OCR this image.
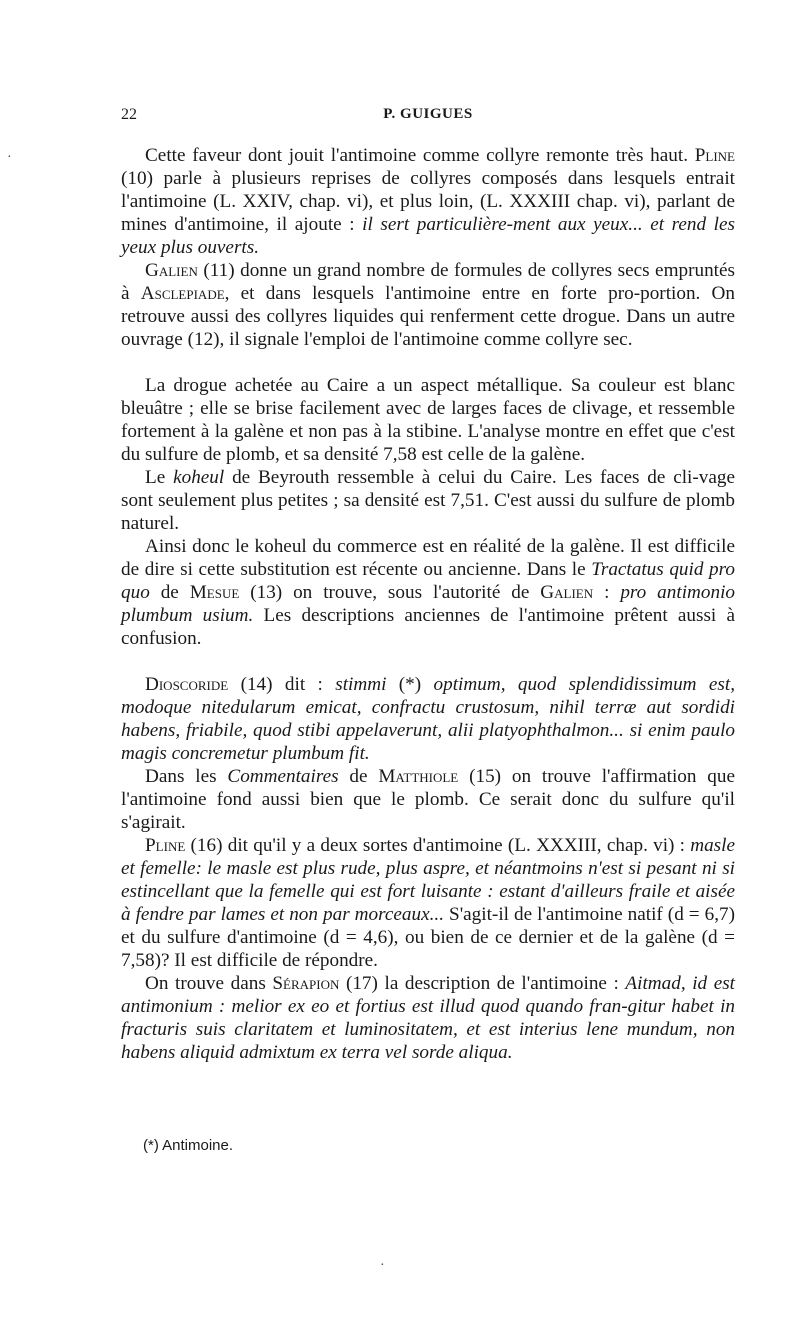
22	P. GUIGUES

Cette faveur dont jouit l'antimoine comme collyre remonte très haut. Pline (10) parle à plusieurs reprises de collyres composés dans lesquels entrait l'antimoine (L. XXIV, chap. vi), et plus loin, (L. XXXIII chap. vi), parlant de mines d'antimoine, il ajoute : il sert particulière-ment aux yeux... et rend les yeux plus ouverts.

Galien (11) donne un grand nombre de formules de collyres secs empruntés à Asclepiade, et dans lesquels l'antimoine entre en forte pro-portion. On retrouve aussi des collyres liquides qui renferment cette drogue. Dans un autre ouvrage (12), il signale l'emploi de l'antimoine comme collyre sec.

La drogue achetée au Caire a un aspect métallique. Sa couleur est blanc bleuâtre ; elle se brise facilement avec de larges faces de clivage, et ressemble fortement à la galène et non pas à la stibine. L'analyse montre en effet que c'est du sulfure de plomb, et sa densité 7,58 est celle de la galène.

Le koheul de Beyrouth ressemble à celui du Caire. Les faces de cli-vage sont seulement plus petites ; sa densité est 7,51. C'est aussi du sulfure de plomb naturel.

Ainsi donc le koheul du commerce est en réalité de la galène. Il est difficile de dire si cette substitution est récente ou ancienne. Dans le Tractatus quid pro quo de Mesue (13) on trouve, sous l'autorité de Galien : pro antimonio plumbum usium. Les descriptions anciennes de l'antimoine prêtent aussi à confusion.

Dioscoride (14) dit : stimmi (*) optimum, quod splendidissimum est, modoque nitedularum emicat, confractu crustosum, nihil terræ aut sordidi habens, friabile, quod stibi appelaverunt, alii platyophthalmon... si enim paulo magis concremetur plumbum fit.

Dans les Commentaires de Matthiole (15) on trouve l'affirmation que l'antimoine fond aussi bien que le plomb. Ce serait donc du sulfure qu'il s'agirait.

Pline (16) dit qu'il y a deux sortes d'antimoine (L. XXXIII, chap. vi) : masle et femelle: le masle est plus rude, plus aspre, et néantmoins n'est si pesant ni si estincellant que la femelle qui est fort luisante : estant d'ailleurs fraile et aisée à fendre par lames et non par morceaux... S'agit-il de l'antimoine natif (d = 6,7) et du sulfure d'antimoine (d = 4,6), ou bien de ce dernier et de la galène (d = 7,58)? Il est difficile de répondre.

On trouve dans Sérapion (17) la description de l'antimoine : Aitmad, id est antimonium : melior ex eo et fortius est illud quod quando fran-gitur habet in fracturis suis claritatem et luminositatem, et est interius lene mundum, non habens aliquid admixtum ex terra vel sorde aliqua.

(*) Antimoine.
·
·
